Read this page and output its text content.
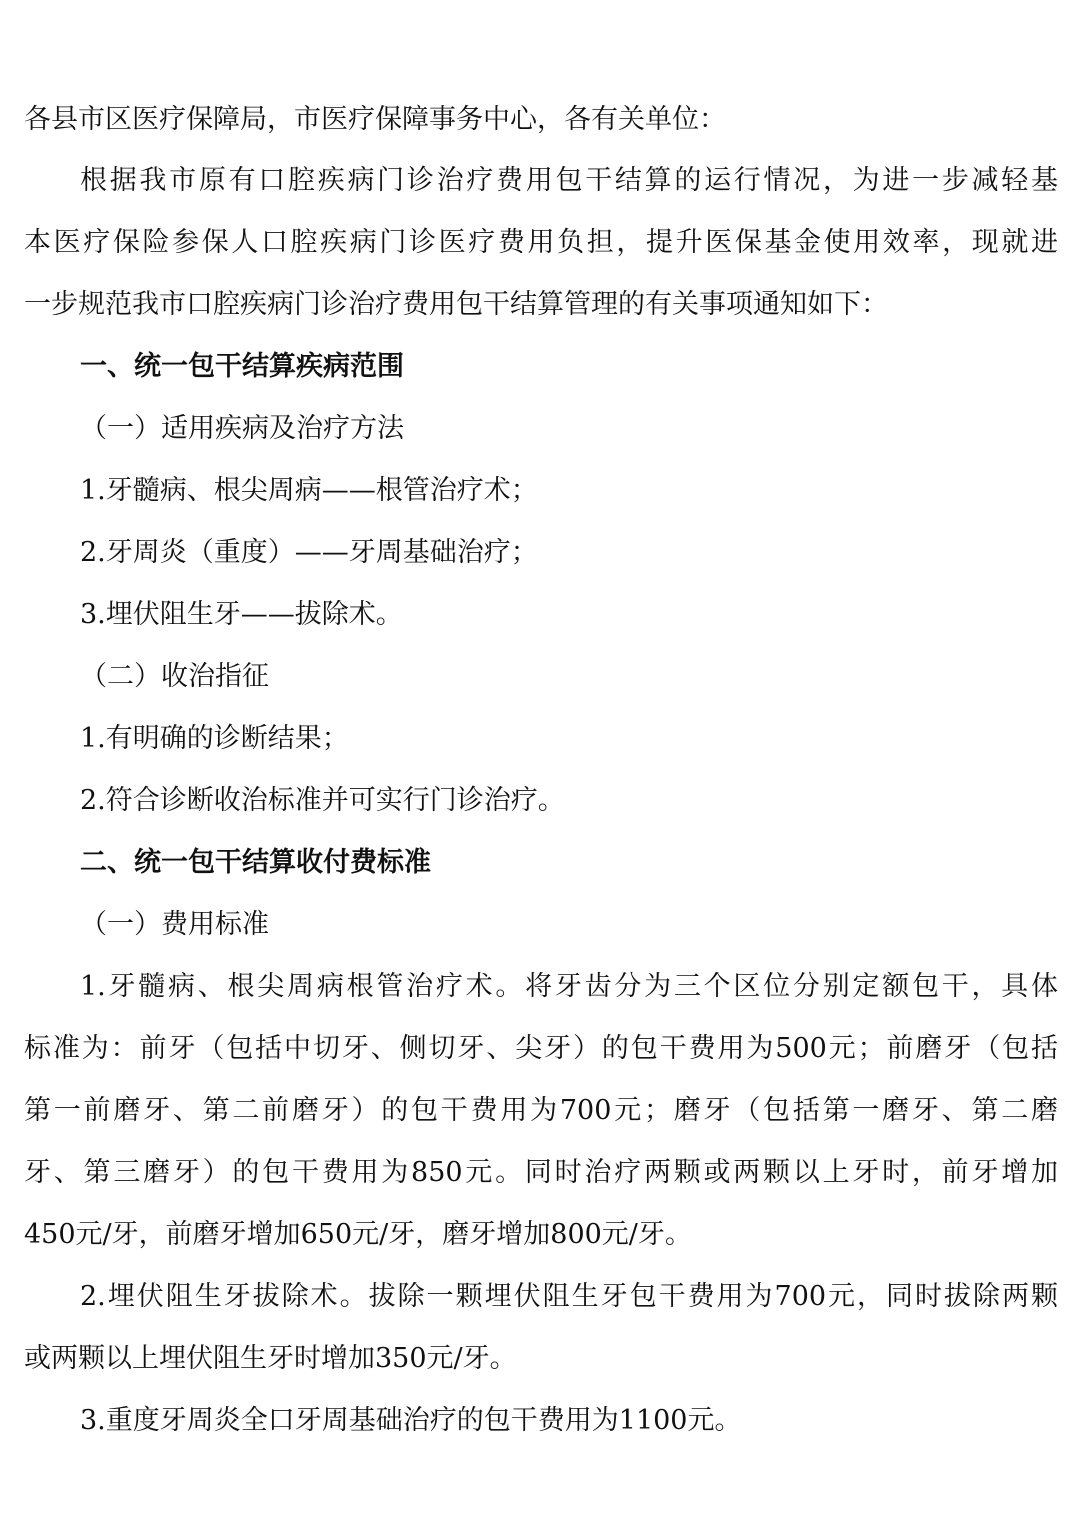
各县市区医疗保障局，市医疗保障事务中心，各有关单位：
根据我市原有口腔疾病门诊治疗费用包干结算的运行情况，为进一步减轻基
本医疗保险参保人口腔疾病门诊医疗费用负担，提升医保基金使用效率，现就进
一步规范我市口腔疾病门诊治疗费用包干结算管理的有关事项通知如下：
一、统一包干结算疾病范围
（一）适用疾病及治疗方法
1.牙髓病、根尖周病——根管治疗术；
2.牙周炎（重度）——牙周基础治疗；
3.埋伏阻生牙——拔除术。
（二）收治指征
1.有明确的诊断结果；
2.符合诊断收治标准并可实行门诊治疗。
二、统一包干结算收付费标准
（一）费用标准
1.牙髓病、根尖周病根管治疗术。将牙齿分为三个区位分别定额包干，具体
标准为：前牙（包括中切牙、侧切牙、尖牙）的包干费用为500元；前磨牙（包括
第一前磨牙、第二前磨牙）的包干费用为700元；磨牙（包括第一磨牙、第二磨
牙、第三磨牙）的包干费用为850元。同时治疗两颗或两颗以上牙时，前牙增加
450元/牙，前磨牙增加650元/牙，磨牙增加800元/牙。
2.埋伏阻生牙拔除术。拔除一颗埋伏阻生牙包干费用为700元，同时拔除两颗
或两颗以上埋伏阻生牙时增加350元/牙。
3.重度牙周炎全口牙周基础治疗的包干费用为1100元。
